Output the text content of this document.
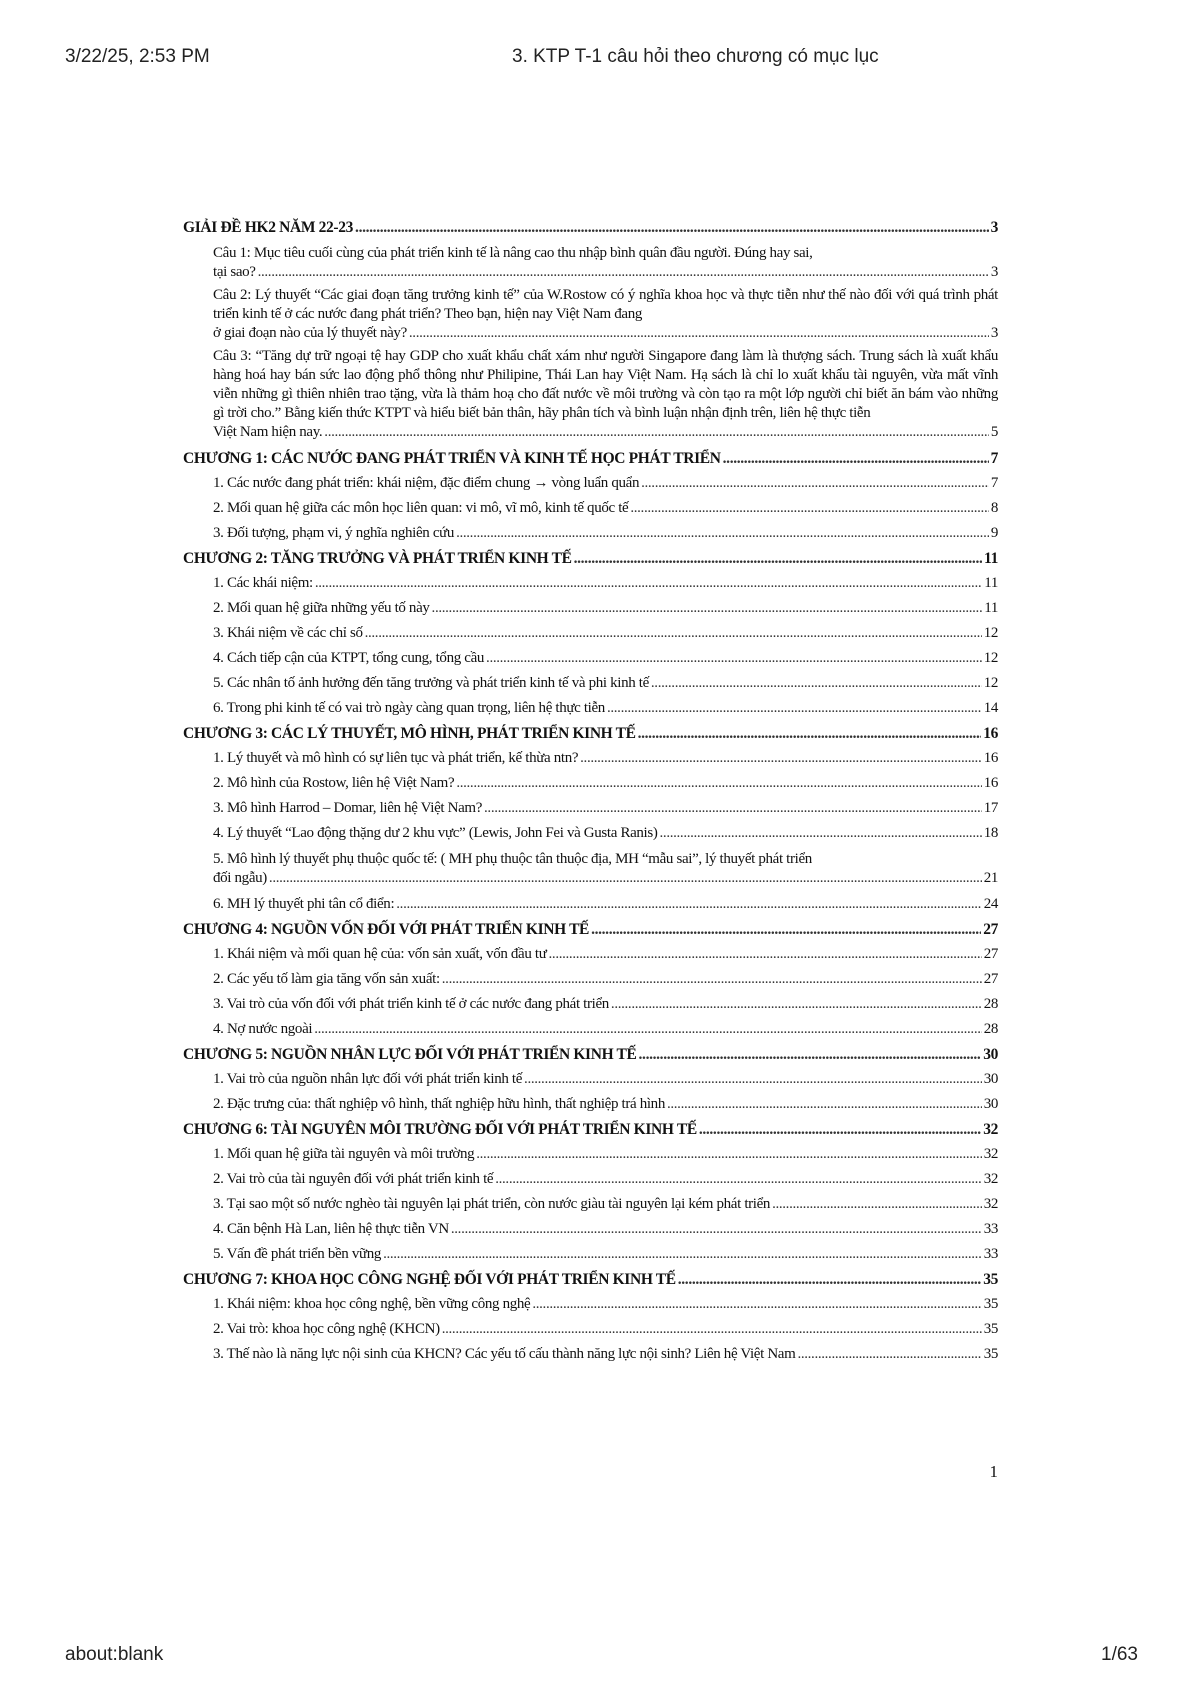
3/22/25, 2:53 PM	3. KTP T-1 câu hỏi theo chương có mục lục
GIẢI ĐỀ HK2 NĂM 22-23 .....	3
Câu 1: Mục tiêu cuối cùng của phát triển kinh tế là nâng cao thu nhập bình quân đầu người. Đúng hay sai,
tại sao? .....	3
Câu 2: Lý thuyết “Các giai đoạn tăng trưởng kinh tế” của W.Rostow có ý nghĩa khoa học và thực tiễn như thế nào đối với quá trình phát triển kinh tế ở các nước đang phát triển? Theo bạn, hiện nay Việt Nam đang
ở giai đoạn nào của lý thuyết này? .....	3
Câu 3: “Tăng dự trữ ngoại tệ hay GDP cho xuất khẩu chất xám như người Singapore đang làm là thượng sách. Trung sách là xuất khẩu hàng hoá hay bán sức lao động phổ thông như Philipine, Thái Lan hay Việt Nam. Hạ sách là chỉ lo xuất khẩu tài nguyên, vừa mất vĩnh viễn những gì thiên nhiên trao tặng, vừa là thảm hoạ cho đất nước về môi trường và còn tạo ra một lớp người chỉ biết ăn bám vào những gì trời cho.” Bằng kiến thức KTPT và hiểu biết bản thân, hãy phân tích và bình luận nhận định trên, liên hệ thực tiễn
Việt Nam hiện nay. .....	5
CHƯƠNG 1: CÁC NƯỚC ĐANG PHÁT TRIỂN VÀ KINH TẾ HỌC PHÁT TRIỂN .....	7
1. Các nước đang phát triển: khái niệm, đặc điểm chung → vòng luẩn quẩn .....	7
2. Mối quan hệ giữa các môn học liên quan: vi mô, vĩ mô, kinh tế quốc tế .....	8
3. Đối tượng, phạm vi, ý nghĩa nghiên cứu .....	9
CHƯƠNG 2: TĂNG TRƯỞNG VÀ PHÁT TRIỂN KINH TẾ .....	11
1. Các khái niệm: .....	11
2. Mối quan hệ giữa những yếu tố này .....	11
3. Khái niệm về các chỉ số .....	12
4. Cách tiếp cận của KTPT, tổng cung, tổng cầu .....	12
5. Các nhân tố ảnh hưởng đến tăng trưởng và phát triển kinh tế và phi kinh tế .....	12
6. Trong phi kinh tế có vai trò ngày càng quan trọng, liên hệ thực tiễn .....	14
CHƯƠNG 3: CÁC LÝ THUYẾT, MÔ HÌNH, PHÁT TRIỂN KINH TẾ .....	16
1. Lý thuyết và mô hình có sự liên tục và phát triển, kế thừa ntn? .....	16
2. Mô hình của Rostow, liên hệ Việt Nam? .....	16
3. Mô hình Harrod – Domar, liên hệ Việt Nam? .....	17
4. Lý thuyết “Lao động thặng dư 2 khu vực” (Lewis, John Fei và Gusta Ranis) .....	18
5. Mô hình lý thuyết phụ thuộc quốc tế: ( MH phụ thuộc tân thuộc địa, MH “mẫu sai”, lý thuyết phát triển
đối ngẫu) .....	21
6. MH lý thuyết phi tân cổ điển: .....	24
CHƯƠNG 4: NGUỒN VỐN ĐỐI VỚI PHÁT TRIỂN KINH TẾ .....	27
1. Khái niệm và mối quan hệ của: vốn sản xuất, vốn đầu tư .....	27
2. Các yếu tố làm gia tăng vốn sản xuất: .....	27
3. Vai trò của vốn đối với phát triển kinh tế ở các nước đang phát triển .....	28
4. Nợ nước ngoài .....	28
CHƯƠNG 5: NGUỒN NHÂN LỰC ĐỐI VỚI PHÁT TRIỂN KINH TẾ .....	30
1. Vai trò của nguồn nhân lực đối với phát triển kinh tế .....	30
2. Đặc trưng của: thất nghiệp vô hình, thất nghiệp hữu hình, thất nghiệp trá hình .....	30
CHƯƠNG 6: TÀI NGUYÊN MÔI TRƯỜNG ĐỐI VỚI PHÁT TRIỂN KINH TẾ .....	32
1. Mối quan hệ giữa tài nguyên và môi trường .....	32
2. Vai trò của tài nguyên đối với phát triển kinh tế .....	32
3. Tại sao một số nước nghèo tài nguyên lại phát triển, còn nước giàu tài nguyên lại kém phát triển .....	32
4. Căn bệnh Hà Lan, liên hệ thực tiễn VN .....	33
5. Vấn đề phát triển bền vững .....	33
CHƯƠNG 7: KHOA HỌC CÔNG NGHỆ ĐỐI VỚI PHÁT TRIỂN KINH TẾ .....	35
1. Khái niệm: khoa học công nghệ, bền vững công nghệ .....	35
2. Vai trò: khoa học công nghệ (KHCN) .....	35
3. Thế nào là năng lực nội sinh của KHCN? Các yếu tố cấu thành năng lực nội sinh? Liên hệ Việt Nam .....	35
1
about:blank	1/63
